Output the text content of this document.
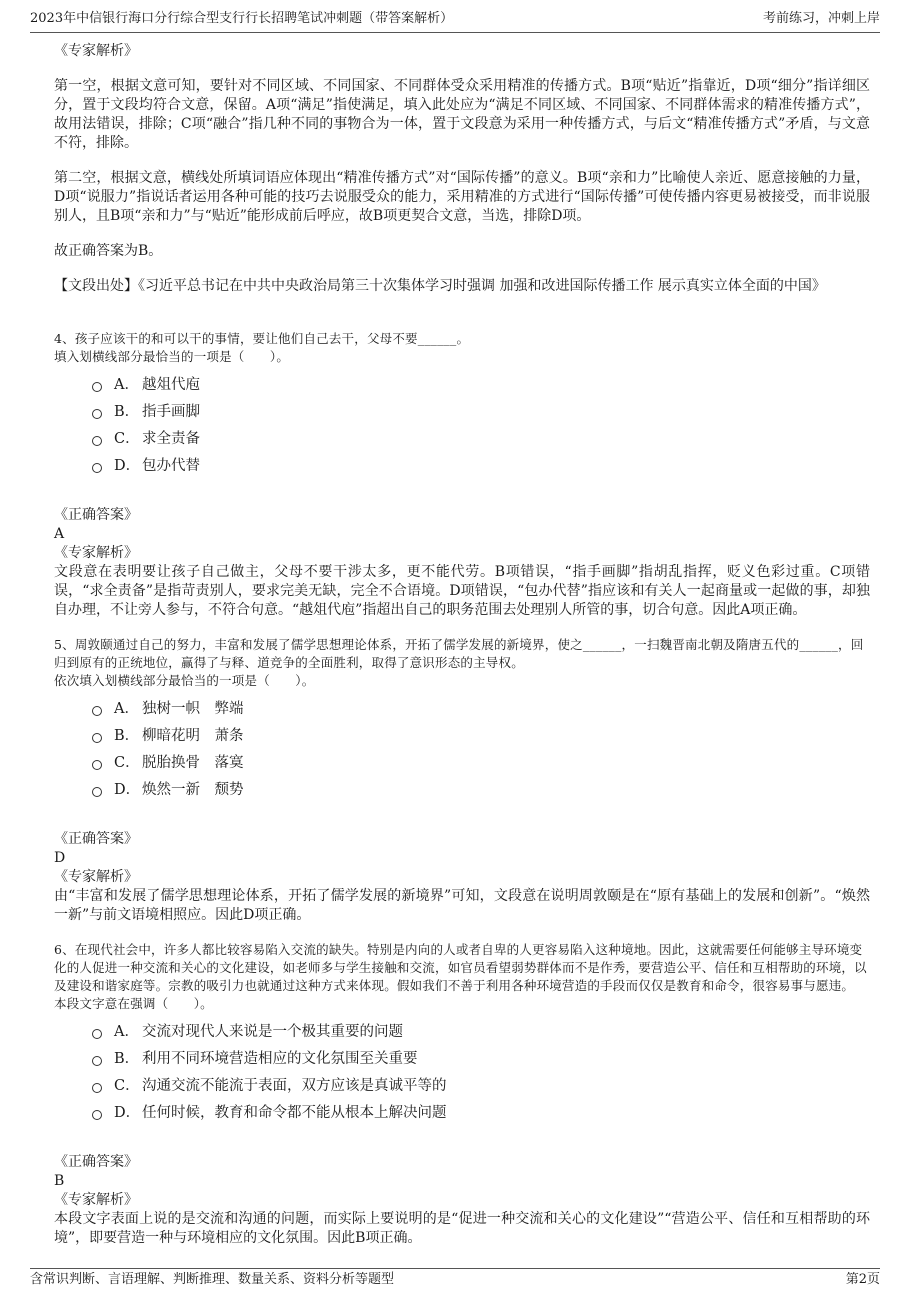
2023年中信银行海口分行综合型支行行长招聘笔试冲刺题（带答案解析）	考前练习，冲刺上岸

《专家解析》

第一空，根据文意可知，要针对不同区域、不同国家、不同群体受众采用精准的传播方式。B项“贴近”指靠近，D项“细分”指详细区分，置于文段均符合文意，保留。A项“满足”指使满足，填入此处应为“满足不同区域、不同国家、不同群体需求的精准传播方式”，故用法错误，排除；C项“融合”指几种不同的事物合为一体，置于文段意为采用一种传播方式，与后文“精准传播方式”矛盾，与文意不符，排除。

第二空，根据文意，横线处所填词语应体现出“精准传播方式”对“国际传播”的意义。B项“亲和力”比喻使人亲近、愿意接触的力量，D项“说服力”指说话者运用各种可能的技巧去说服受众的能力，采用精准的方式进行“国际传播”可使传播内容更易被接受，而非说服别人，且B项“亲和力”与“贴近”能形成前后呼应，故B项更契合文意，当选，排除D项。

故正确答案为B。

【文段出处】《习近平总书记在中共中央政治局第三十次集体学习时强调 加强和改进国际传播工作 展示真实立体全面的中国》

4、孩子应该干的和可以干的事情，要让他们自己去干，父母不要______。

填入划横线部分最恰当的一项是（　　）。

A． 越俎代庖
B． 指手画脚
C． 求全责备
D． 包办代替

《正确答案》

A

《专家解析》

文段意在表明要让孩子自己做主，父母不要干涉太多，更不能代劳。B项错误，“指手画脚”指胡乱指挥，贬义色彩过重。C项错误，“求全责备”是指苛责别人，要求完美无缺，完全不合语境。D项错误，“包办代替”指应该和有关人一起商量或一起做的事，却独自办理，不让旁人参与，不符合句意。“越俎代庖”指超出自己的职务范围去处理别人所管的事，切合句意。因此A项正确。

5、周敦颐通过自己的努力，丰富和发展了儒学思想理论体系，开拓了儒学发展的新境界，使之______，一扫魏晋南北朝及隋唐五代的______，回归到原有的正统地位，赢得了与释、道竞争的全面胜利，取得了意识形态的主导权。

依次填入划横线部分最恰当的一项是（　　）。

A． 独树一帜　弊端
B． 柳暗花明　萧条
C． 脱胎换骨　落寞
D． 焕然一新　颓势

《正确答案》

D

《专家解析》

由“丰富和发展了儒学思想理论体系，开拓了儒学发展的新境界”可知，文段意在说明周敦颐是在“原有基础上的发展和创新”。“焕然一新”与前文语境相照应。因此D项正确。

6、在现代社会中，许多人都比较容易陷入交流的缺失。特别是内向的人或者自卑的人更容易陷入这种境地。因此，这就需要任何能够主导环境变化的人促进一种交流和关心的文化建设，如老师多与学生接触和交流，如官员看望弱势群体而不是作秀，要营造公平、信任和互相帮助的环境，以及建设和谐家庭等。宗教的吸引力也就通过这种方式来体现。假如我们不善于利用各种环境营造的手段而仅仅是教育和命令，很容易事与愿违。

本段文字意在强调（　　）。

A． 交流对现代人来说是一个极其重要的问题
B． 利用不同环境营造相应的文化氛围至关重要
C． 沟通交流不能流于表面，双方应该是真诚平等的
D． 任何时候，教育和命令都不能从根本上解决问题

《正确答案》

B

《专家解析》

本段文字表面上说的是交流和沟通的问题，而实际上要说明的是“促进一种交流和关心的文化建设”“营造公平、信任和互相帮助的环境”，即要营造一种与环境相应的文化氛围。因此B项正确。

含常识判断、言语理解、判断推理、数量关系、资料分析等题型	第2页
